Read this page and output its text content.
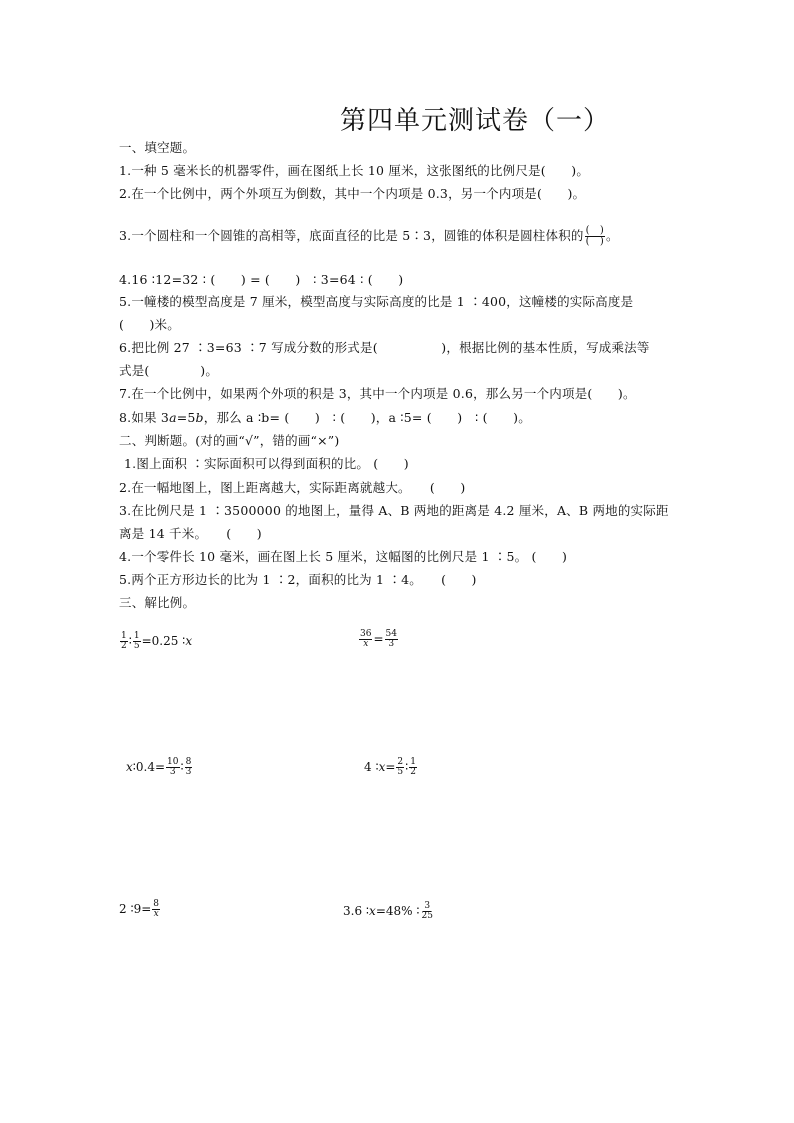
第四单元测试卷（一）
一、填空题。
1.一种 5 毫米长的机器零件，画在图纸上长 10 厘米，这张图纸的比例尺是(　　)。
2.在一个比例中，两个外项互为倒数，其中一个内项是 0.3，另一个内项是(　　)。
3.一个圆柱和一个圆锥的高相等，底面直径的比是 5∶3，圆锥的体积是圆柱体积的 $\frac{( )}{( )}$ 。
4.16 ∶12=32 ∶ (　　) = (　　)　∶ 3=64 ∶ (　　)
5.一幢楼的模型高度是 7 厘米，模型高度与实际高度的比是 1 ∶400，这幢楼的实际高度是
(　　)米。
6.把比例 27 ∶3=63 ∶7 写成分数的形式是(　　　　　)，根据比例的基本性质，写成乘法等
式是(　　　　)。
7.在一个比例中，如果两个外项的积是 3，其中一个内项是 0.6，那么另一个内项是(　　)。
8.如果 3a=5b，那么 a ∶b= (　　)　∶ (　　)，a ∶5= (　　)　∶ (　　)。
二、判断题。(对的画“√”，错的画“×”)
1.图上面积 ∶实际面积可以得到面积的比。 (　　)
2.在一幅地图上，图上距离越大，实际距离就越大。　　(　　)
3.在比例尺是 1 ∶3500000 的地图上，量得 A、B 两地的距离是 4.2 厘米，A、B 两地的实际距
离是 14 千米。　　(　　)
4.一个零件长 10 毫米，画在图上长 5 厘米，这幅图的比例尺是 1 ∶5。 (　　)
5.两个正方形边长的比为 1 ∶2，面积的比为 1 ∶4。　　(　　)
三、解比例。
$\frac{1}{2}$ ∶ $\frac{1}{5} =0.25$ ∶x	$\frac{36}{x} = \frac{54}{3}$
x∶0.4= $\frac{10}{3}$ ∶ $\frac{8}{3}$	4 ∶x= $\frac{2}{5}$ ∶ $\frac{1}{2}$
2 ∶9= $\frac{8}{x}$	3.6 ∶x=48% ∶ $\frac{3}{25}$
